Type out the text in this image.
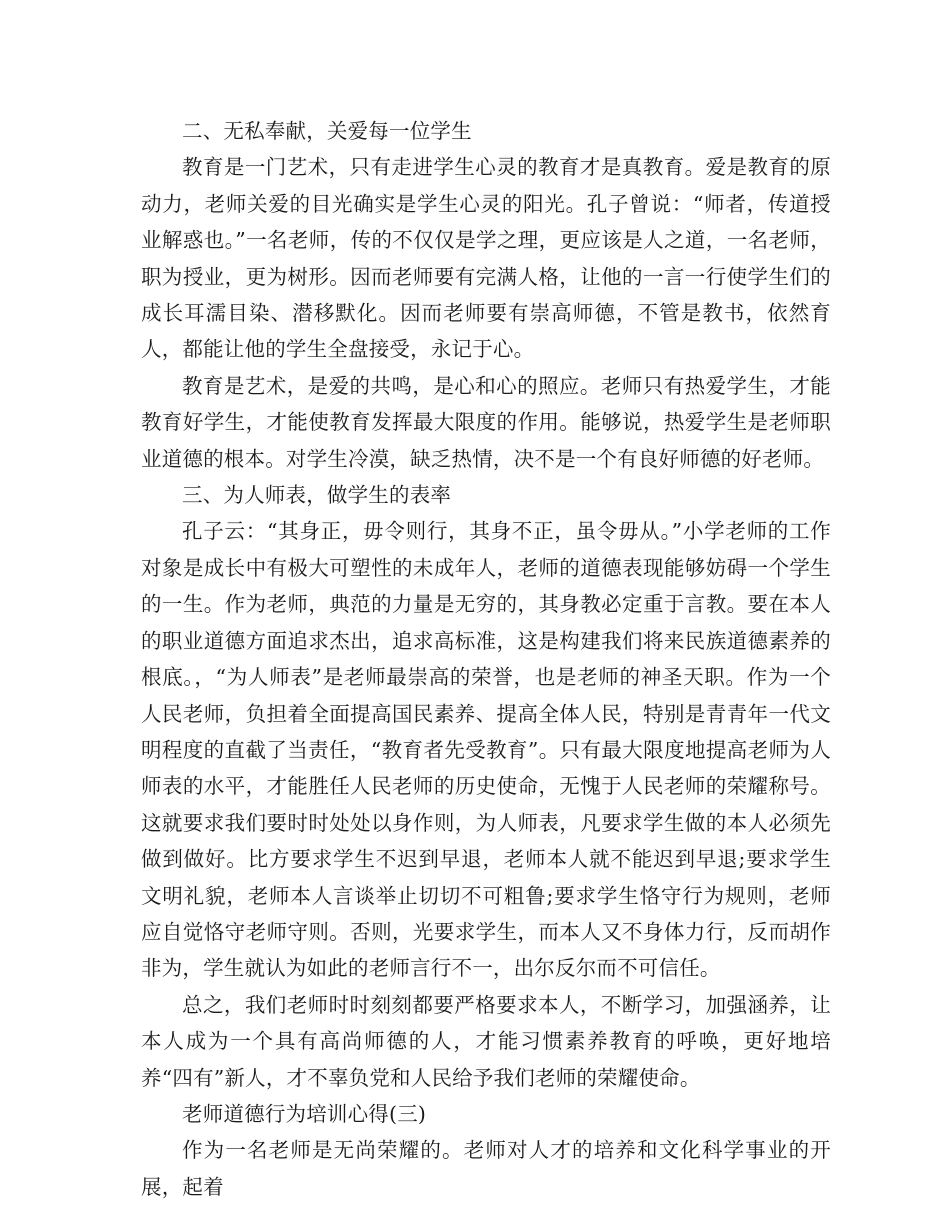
二、无私奉献，关爱每一位学生

教育是一门艺术，只有走进学生心灵的教育才是真教育。爱是教育的原动力，老师关爱的目光确实是学生心灵的阳光。孔子曾说：“师者，传道授业解惑也。”一名老师，传的不仅仅是学之理，更应该是人之道，一名老师，职为授业，更为树形。因而老师要有完满人格，让他的一言一行使学生们的成长耳濡目染、潜移默化。因而老师要有崇高师德，不管是教书，依然育人，都能让他的学生全盘接受，永记于心。

教育是艺术，是爱的共鸣，是心和心的照应。老师只有热爱学生，才能教育好学生，才能使教育发挥最大限度的作用。能够说，热爱学生是老师职业道德的根本。对学生冷漠，缺乏热情，决不是一个有良好师德的好老师。

三、为人师表，做学生的表率

孔子云：“其身正，毋令则行，其身不正，虽令毋从。”小学老师的工作对象是成长中有极大可塑性的未成年人，老师的道德表现能够妨碍一个学生的一生。作为老师，典范的力量是无穷的，其身教必定重于言教。要在本人的职业道德方面追求杰出，追求高标准，这是构建我们将来民族道德素养的根底。，“为人师表”是老师最崇高的荣誉，也是老师的神圣天职。作为一个人民老师，负担着全面提高国民素养、提高全体人民，特别是青青年一代文明程度的直截了当责任，“教育者先受教育”。只有最大限度地提高老师为人师表的水平，才能胜任人民老师的历史使命，无愧于人民老师的荣耀称号。这就要求我们要时时处处以身作则，为人师表，凡要求学生做的本人必须先做到做好。比方要求学生不迟到早退，老师本人就不能迟到早退;要求学生文明礼貌，老师本人言谈举止切切不可粗鲁;要求学生恪守行为规则，老师应自觉恪守老师守则。否则，光要求学生，而本人又不身体力行，反而胡作非为，学生就认为如此的老师言行不一，出尔反尔而不可信任。

总之，我们老师时时刻刻都要严格要求本人，不断学习，加强涵养，让本人成为一个具有高尚师德的人，才能习惯素养教育的呼唤，更好地培养“四有”新人，才不辜负党和人民给予我们老师的荣耀使命。

老师道德行为培训心得(三)

作为一名老师是无尚荣耀的。老师对人才的培养和文化科学事业的开展，起着
